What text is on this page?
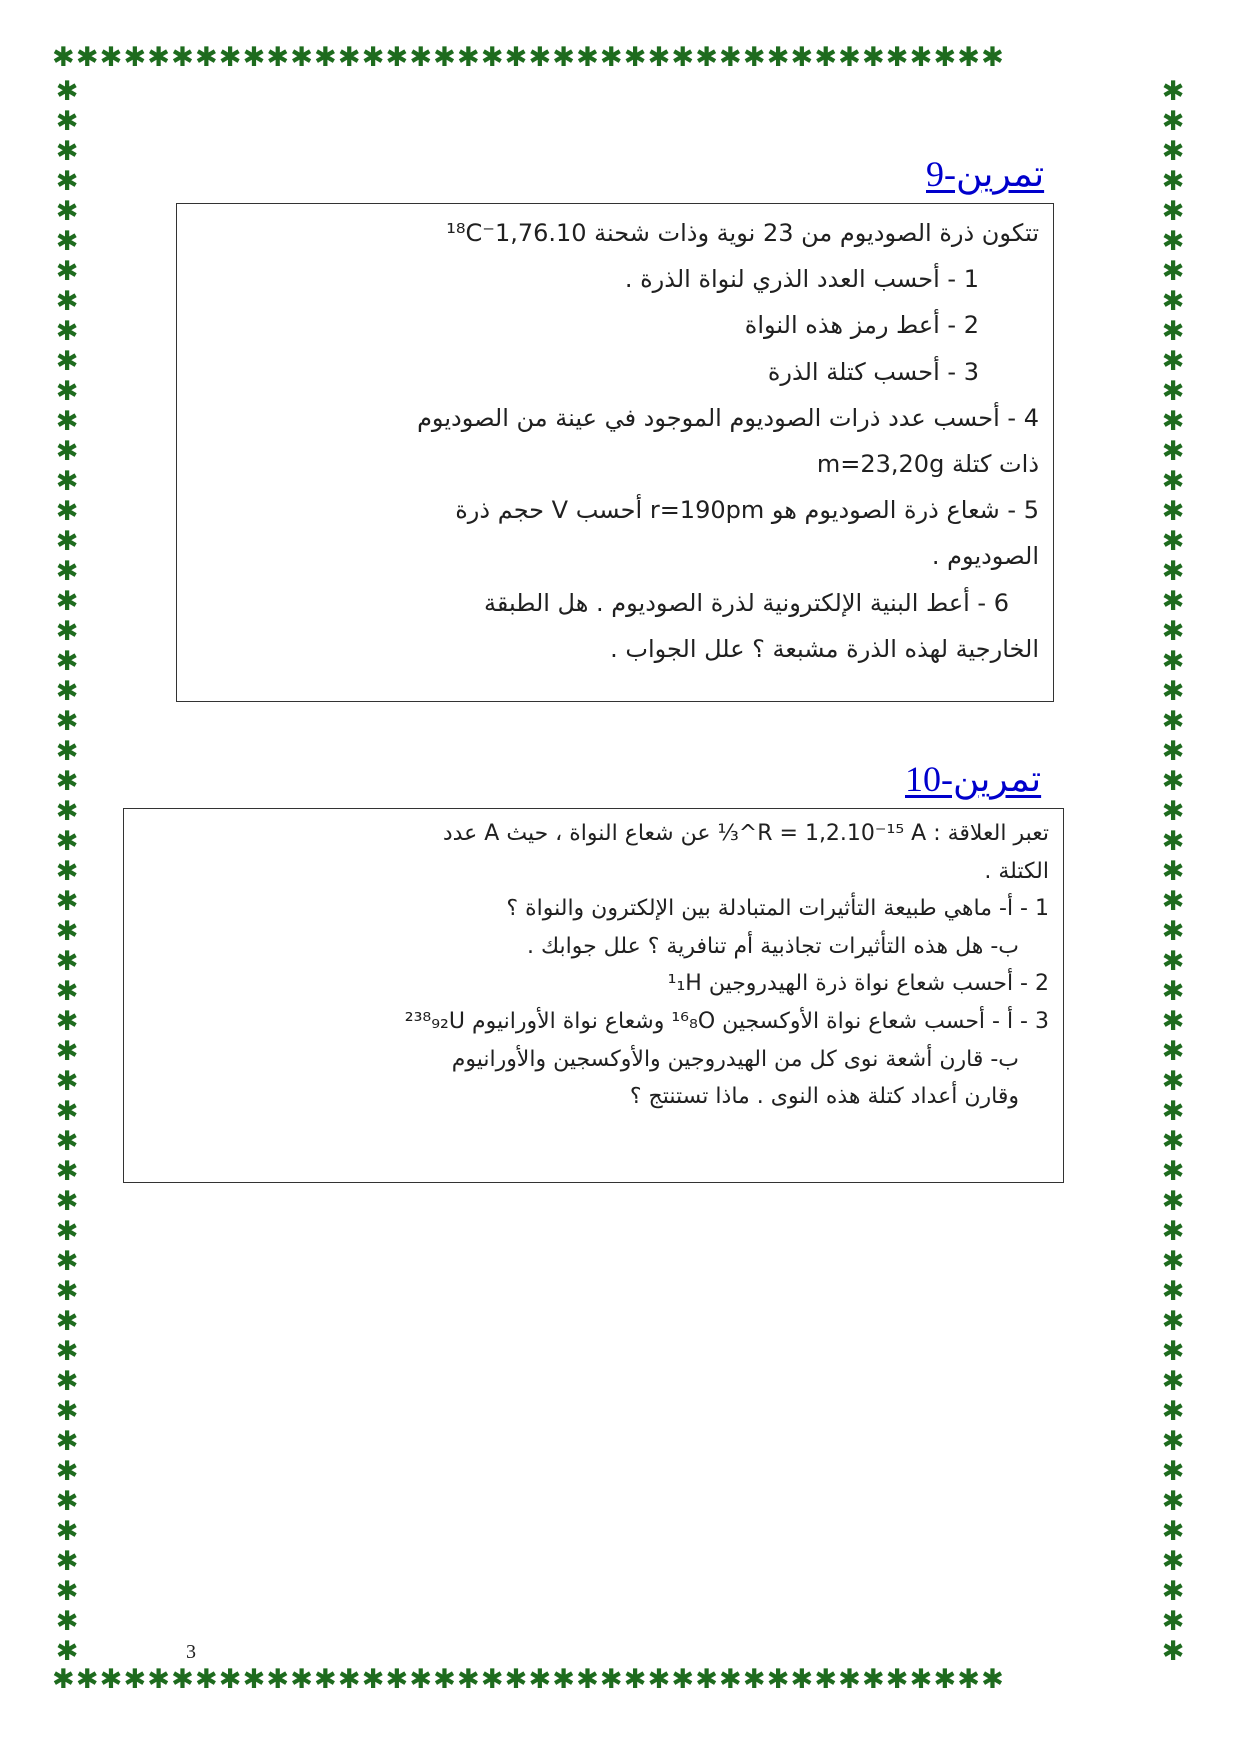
✱✱✱✱✱✱✱✱✱✱✱✱✱✱✱✱✱✱✱✱✱✱✱✱✱✱✱✱✱✱✱✱✱✱✱✱✱✱✱✱
✱✱✱✱✱✱✱✱✱✱✱✱✱✱✱✱✱✱✱✱✱✱✱✱✱✱✱✱✱✱✱✱✱✱✱✱✱✱✱✱
✱
✱
✱
✱
✱
✱
✱
✱
✱
✱
✱
✱
✱
✱
✱
✱
✱
✱
✱
✱
✱
✱
✱
✱
✱
✱
✱
✱
✱
✱
✱
✱
✱
✱
✱
✱
✱
✱
✱
✱
✱
✱
✱
✱
✱
✱
✱
✱
✱
✱
✱
✱
✱
✱
✱
✱
✱
✱
✱
✱
✱
✱
✱
✱
✱
✱
✱
✱
✱
✱
✱
✱
✱
✱
✱
✱
✱
✱
✱
✱
✱
✱
✱
✱
✱
✱
✱
✱
✱
✱
✱
✱
✱
✱
✱
✱
✱
✱
✱
✱
✱
✱
✱
✱
✱
✱
تمرين-9

تتكون ذرة الصوديوم من 23 نوية وذات شحنة 1,76.10⁻¹⁸C

1 - أحسب العدد الذري لنواة الذرة .

2 - أعط رمز هذه النواة

3 - أحسب كتلة الذرة

4 - أحسب عدد ذرات الصوديوم الموجود في عينة من الصوديوم

ذات كتلة m=23,20g

5 - شعاع ذرة الصوديوم هو r=190pm أحسب V حجم ذرة

الصوديوم .

6 - أعط البنية الإلكترونية لذرة الصوديوم . هل الطبقة

الخارجية لهذه الذرة مشبعة ؟ علل الجواب .

تمرين-10

تعبر العلاقة : R = 1,2.10⁻¹⁵ A^⅓ عن شعاع النواة ، حيث A عدد

الكتلة .

1 - أ- ماهي طبيعة التأثيرات المتبادلة بين الإلكترون والنواة ؟

ب- هل هذه التأثيرات تجاذبية أم تنافرية ؟ علل جوابك .

2 - أحسب شعاع نواة ذرة الهيدروجين ¹₁H

3 - أ - أحسب شعاع نواة الأوكسجين ¹⁶₈O وشعاع نواة الأورانيوم ²³⁸₉₂U

ب- قارن أشعة نوى كل من الهيدروجين والأوكسجين والأورانيوم

وقارن أعداد كتلة هذه النوى . ماذا تستنتج ؟

3
